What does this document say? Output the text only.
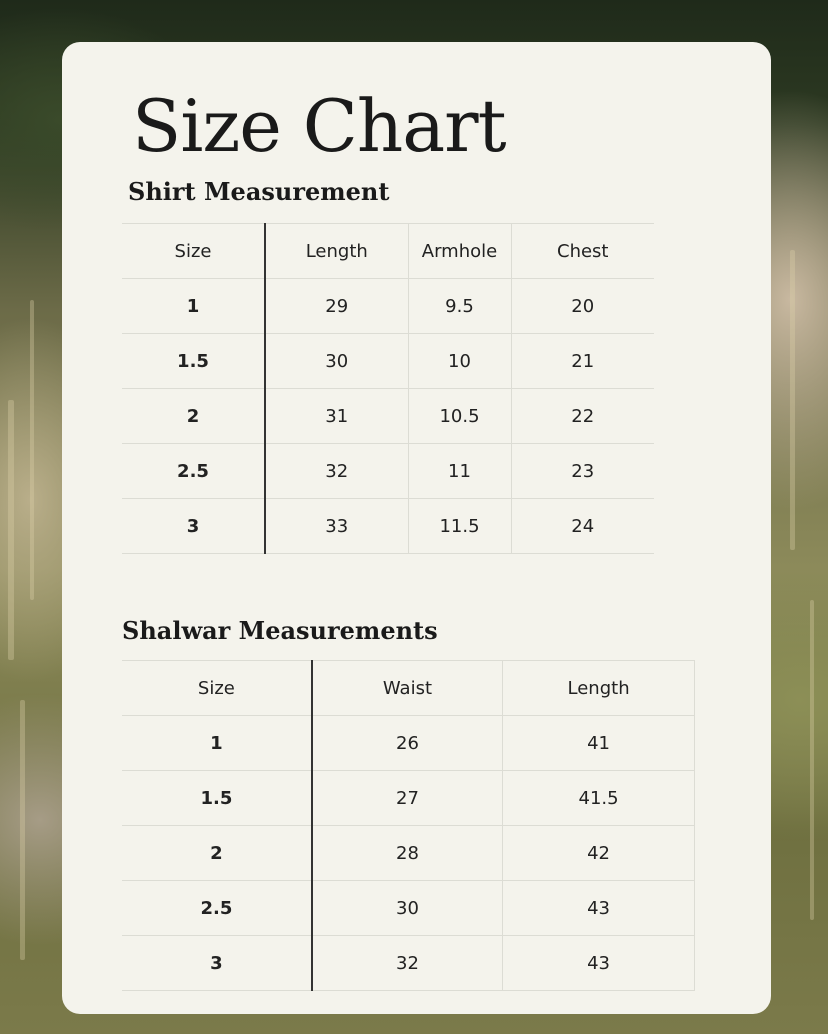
Size Chart
Shirt Measurement
Size	Length	Armhole	Chest
1	29	9.5	20
1.5	30	10	21
2	31	10.5	22
2.5	32	11	23
3	33	11.5	24
Shalwar Measurements
Size	Waist	Length
1	26	41
1.5	27	41.5
2	28	42
2.5	30	43
3	32	43
